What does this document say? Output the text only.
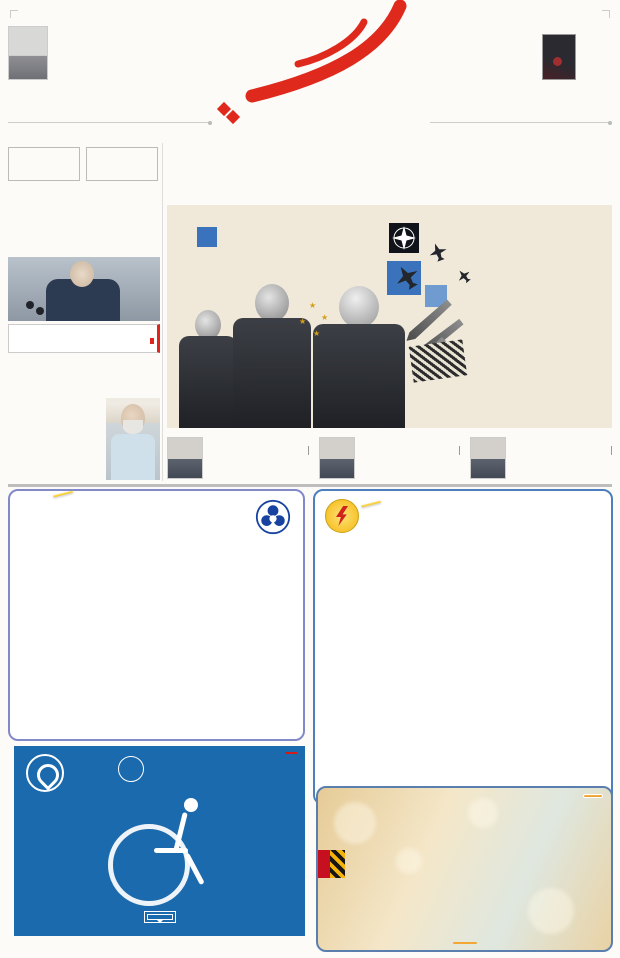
★
★
★
★
